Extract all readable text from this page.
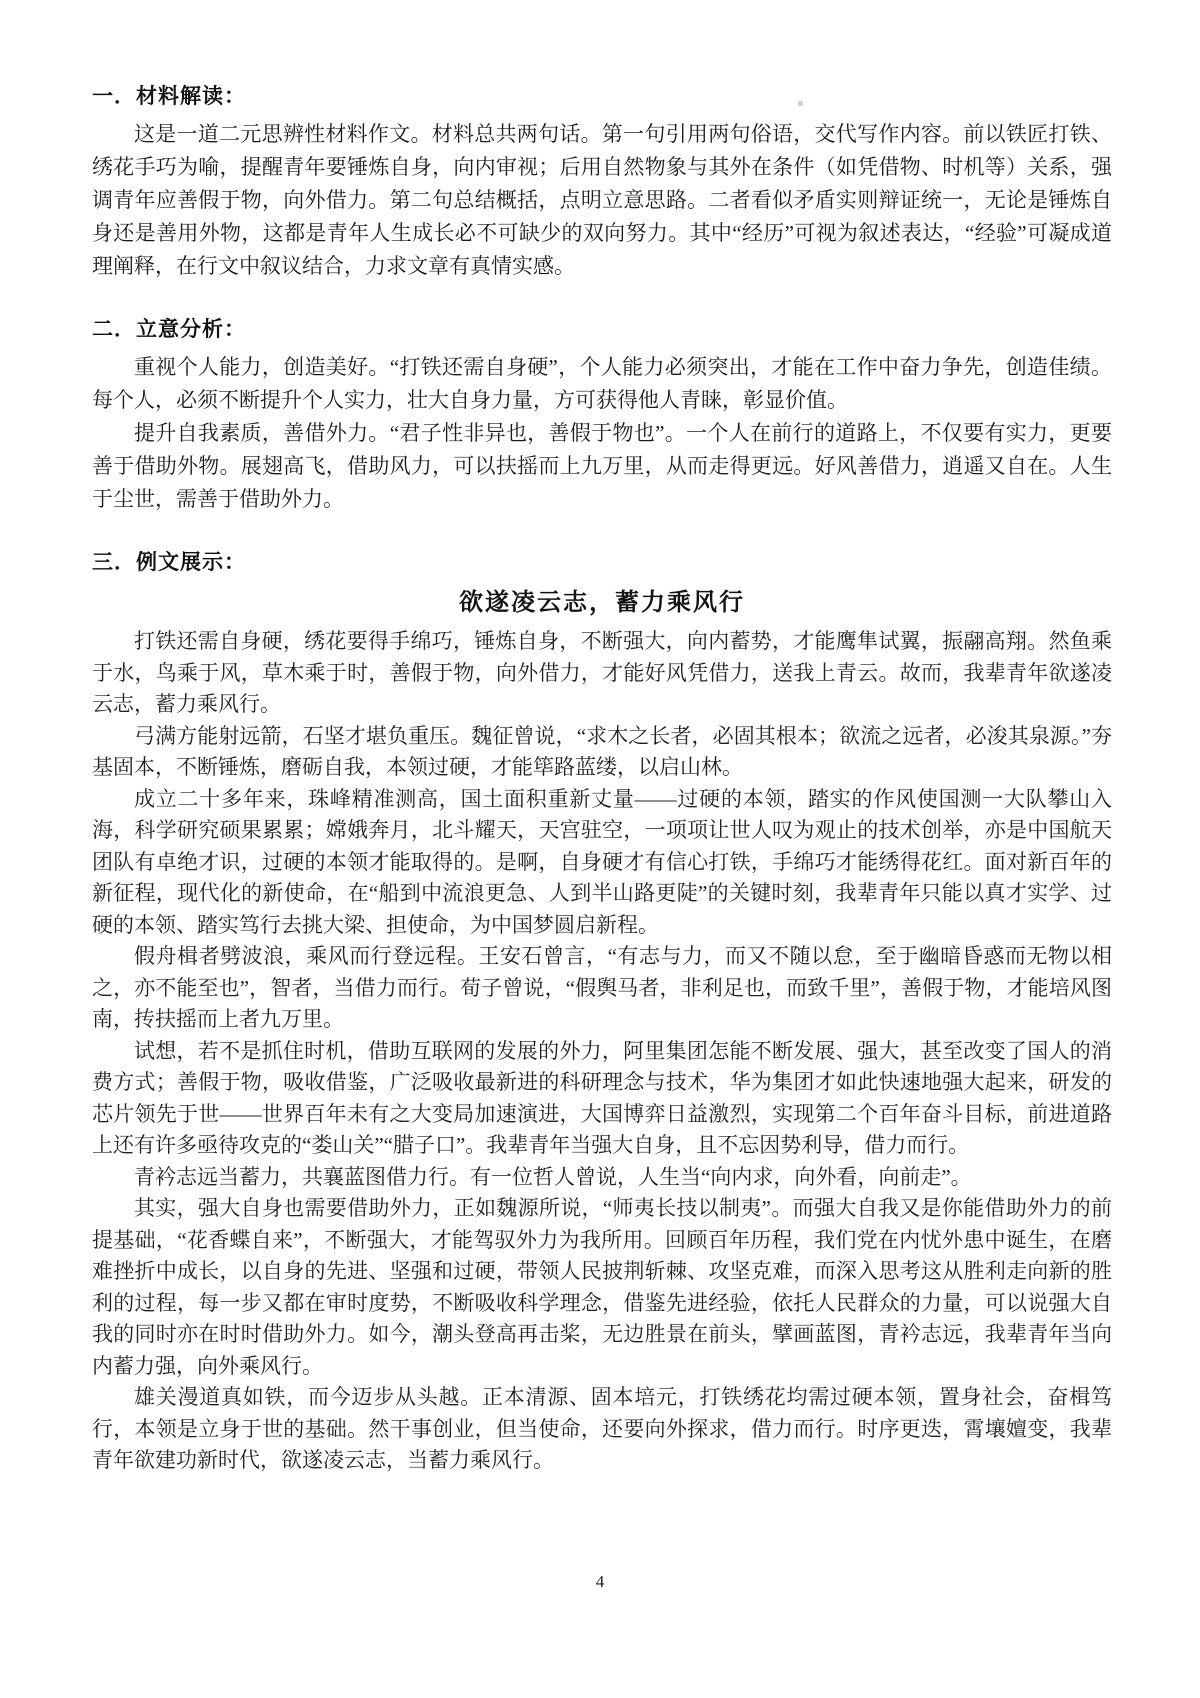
一．材料解读：

这是一道二元思辨性材料作文。材料总共两句话。第一句引用两句俗语，交代写作内容。前以铁匠打铁、绣花手巧为喻，提醒青年要锤炼自身，向内审视；后用自然物象与其外在条件（如凭借物、时机等）关系，强调青年应善假于物，向外借力。第二句总结概括，点明立意思路。二者看似矛盾实则辩证统一，无论是锤炼自身还是善用外物，这都是青年人生成长必不可缺少的双向努力。其中“经历”可视为叙述表达，“经验”可凝成道理阐释，在行文中叙议结合，力求文章有真情实感。

二．立意分析：

重视个人能力，创造美好。“打铁还需自身硬”，个人能力必须突出，才能在工作中奋力争先，创造佳绩。每个人，必须不断提升个人实力，壮大自身力量，方可获得他人青睐，彰显价值。

提升自我素质，善借外力。“君子性非异也，善假于物也”。一个人在前行的道路上，不仅要有实力，更要善于借助外物。展翅高飞，借助风力，可以扶摇而上九万里，从而走得更远。好风善借力，逍遥又自在。人生于尘世，需善于借助外力。

三．例文展示：
欲遂凌云志，蓄力乘风行

打铁还需自身硬，绣花要得手绵巧，锤炼自身，不断强大，向内蓄势，才能鹰隼试翼，振翮高翔。然鱼乘于水，鸟乘于风，草木乘于时，善假于物，向外借力，才能好风凭借力，送我上青云。故而，我辈青年欲遂凌云志，蓄力乘风行。

弓满方能射远箭，石坚才堪负重压。魏征曾说，“求木之长者，必固其根本；欲流之远者，必浚其泉源。”夯基固本，不断锤炼，磨砺自我，本领过硬，才能筚路蓝缕，以启山林。

成立二十多年来，珠峰精准测高，国土面积重新丈量——过硬的本领，踏实的作风使国测一大队攀山入海，科学研究硕果累累；嫦娥奔月，北斗耀天，天宫驻空，一项项让世人叹为观止的技术创举，亦是中国航天团队有卓绝才识，过硬的本领才能取得的。是啊，自身硬才有信心打铁，手绵巧才能绣得花红。面对新百年的新征程，现代化的新使命，在“船到中流浪更急、人到半山路更陡”的关键时刻，我辈青年只能以真才实学、过硬的本领、踏实笃行去挑大梁、担使命，为中国梦圆启新程。

假舟楫者劈波浪，乘风而行登远程。王安石曾言，“有志与力，而又不随以怠，至于幽暗昏惑而无物以相之，亦不能至也”，智者，当借力而行。荀子曾说，“假舆马者，非利足也，而致千里”，善假于物，才能培风图南，抟扶摇而上者九万里。

试想，若不是抓住时机，借助互联网的发展的外力，阿里集团怎能不断发展、强大，甚至改变了国人的消费方式；善假于物，吸收借鉴，广泛吸收最新进的科研理念与技术，华为集团才如此快速地强大起来，研发的芯片领先于世——世界百年未有之大变局加速演进，大国博弈日益激烈，实现第二个百年奋斗目标，前进道路上还有许多亟待攻克的“娄山关”“腊子口”。我辈青年当强大自身，且不忘因势利导，借力而行。

青衿志远当蓄力，共襄蓝图借力行。有一位哲人曾说，人生当“向内求，向外看，向前走”。

其实，强大自身也需要借助外力，正如魏源所说，“师夷长技以制夷”。而强大自我又是你能借助外力的前提基础，“花香蝶自来”，不断强大，才能驾驭外力为我所用。回顾百年历程，我们党在内忧外患中诞生，在磨难挫折中成长，以自身的先进、坚强和过硬，带领人民披荆斩棘、攻坚克难，而深入思考这从胜利走向新的胜利的过程，每一步又都在审时度势，不断吸收科学理念，借鉴先进经验，依托人民群众的力量，可以说强大自我的同时亦在时时借助外力。如今，潮头登高再击桨，无边胜景在前头，擘画蓝图，青衿志远，我辈青年当向内蓄力强，向外乘风行。

雄关漫道真如铁，而今迈步从头越。正本清源、固本培元，打铁绣花均需过硬本领，置身社会，奋楫笃行，本领是立身于世的基础。然干事创业，但当使命，还要向外探求，借力而行。时序更迭，霄壤嬗变，我辈青年欲建功新时代，欲遂凌云志，当蓄力乘风行。

4
